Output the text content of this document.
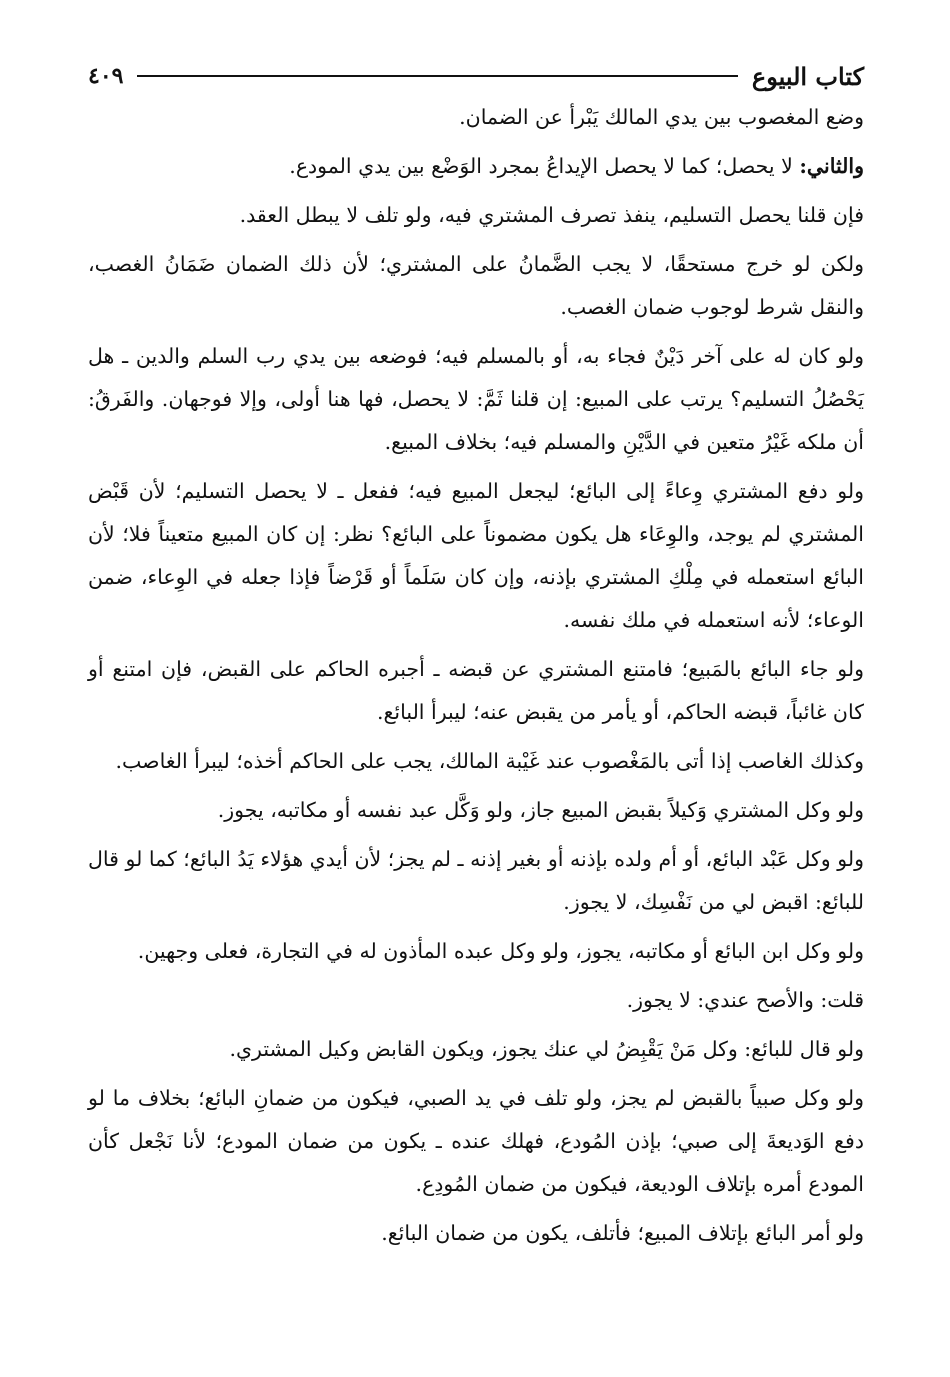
كتاب البيوع
٤٠٩

وضع المغصوب بين يدي المالك يَبْرأ عن الضمان.

والثاني: لا يحصل؛ كما لا يحصل الإيداعُ بمجرد الوَضْع بين يدي المودع.

فإن قلنا يحصل التسليم، ينفذ تصرف المشتري فيه، ولو تلف لا يبطل العقد.

ولكن لو خرج مستحقًا، لا يجب الضَّمانُ على المشتري؛ لأن ذلك الضمان ضَمَانُ الغصب، والنقل شرط لوجوب ضمان الغصب.

ولو كان له على آخر دَيْنٌ فجاء به، أو بالمسلم فيه؛ فوضعه بين يدي رب السلم والدين ـ هل يَحْصُلُ التسليم؟ يرتب على المبيع: إن قلنا ثَمَّ: لا يحصل، فها هنا أولى، وإلا فوجهان. والفَرقُ: أن ملكه غَيْرُ متعين في الدَّيْنِ والمسلم فيه؛ بخلاف المبيع.

ولو دفع المشتري وِعاءً إلى البائع؛ ليجعل المبيع فيه؛ ففعل ـ لا يحصل التسليم؛ لأن قَبْض المشتري لم يوجد، والوِعَاء هل يكون مضموناً على البائع؟ نظر: إن كان المبيع متعيناً فلا؛ لأن البائع استعمله في مِلْكِ المشتري بإذنه، وإن كان سَلَماً أو قَرْضاً فإذا جعله في الوِعاء، ضمن الوعاء؛ لأنه استعمله في ملك نفسه.

ولو جاء البائع بالمَبيع؛ فامتنع المشتري عن قبضه ـ أجبره الحاكم على القبض، فإن امتنع أو كان غائباً، قبضه الحاكم، أو يأمر من يقبض عنه؛ ليبرأ البائع.

وكذلك الغاصب إذا أتى بالمَغْصوب عند غَيْبة المالك، يجب على الحاكم أخذه؛ ليبرأ الغاصب.

ولو وكل المشتري وَكيلاً بقبض المبيع جاز، ولو وَكَّل عبد نفسه أو مكاتبه، يجوز.

ولو وكل عَبْد البائع، أو أم ولده بإذنه أو بغير إذنه ـ لم يجز؛ لأن أيدي هؤلاء يَدُ البائع؛ كما لو قال للبائع: اقبض لي من نَفْسِك، لا يجوز.

ولو وكل ابن البائع أو مكاتبه، يجوز، ولو وكل عبده المأذون له في التجارة، فعلى وجهين.

قلت: والأصح عندي: لا يجوز.

ولو قال للبائع: وكل مَنْ يَقْبِضُ لي عنك يجوز، ويكون القابض وكيل المشتري.

ولو وكل صبياً بالقبض لم يجز، ولو تلف في يد الصبي، فيكون من ضمانِ البائع؛ بخلاف ما لو دفع الوَديعةَ إلى صبي؛ بإذن المُودع، فهلك عنده ـ يكون من ضمان المودع؛ لأنا نَجْعل كأن المودع أمره بإتلاف الوديعة، فيكون من ضمان المُودِع.

ولو أمر البائع بإتلاف المبيع؛ فأتلف، يكون من ضمان البائع.
